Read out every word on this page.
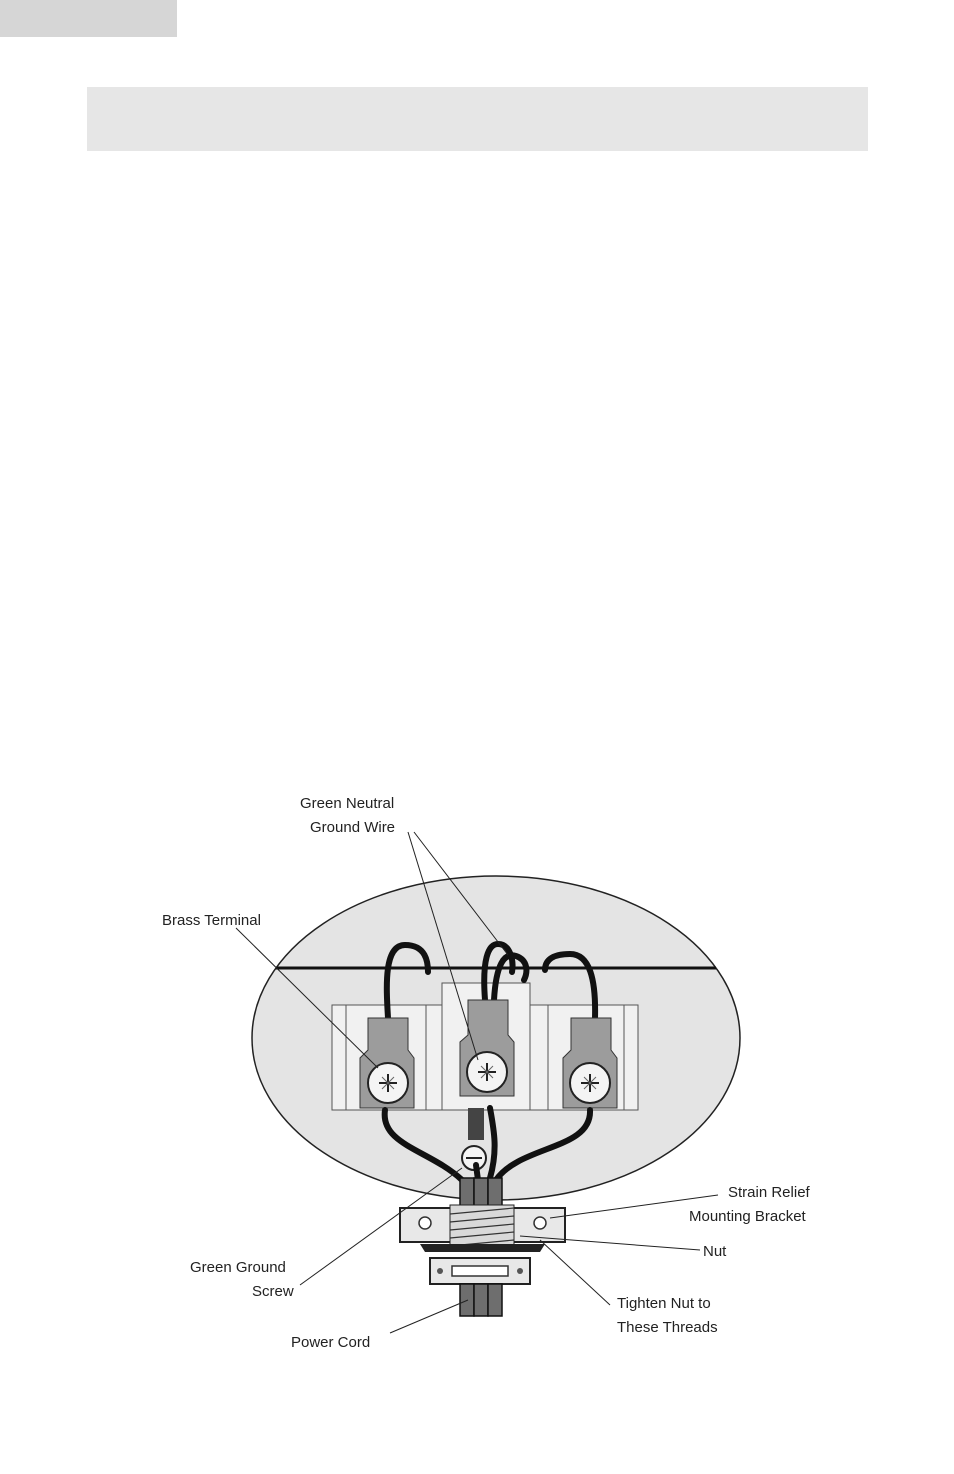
Green Neutral
Ground Wire
Brass Terminal
Strain Relief
Mounting Bracket
Nut
Green Ground
Screw
Tighten Nut to
These Threads
Power Cord
